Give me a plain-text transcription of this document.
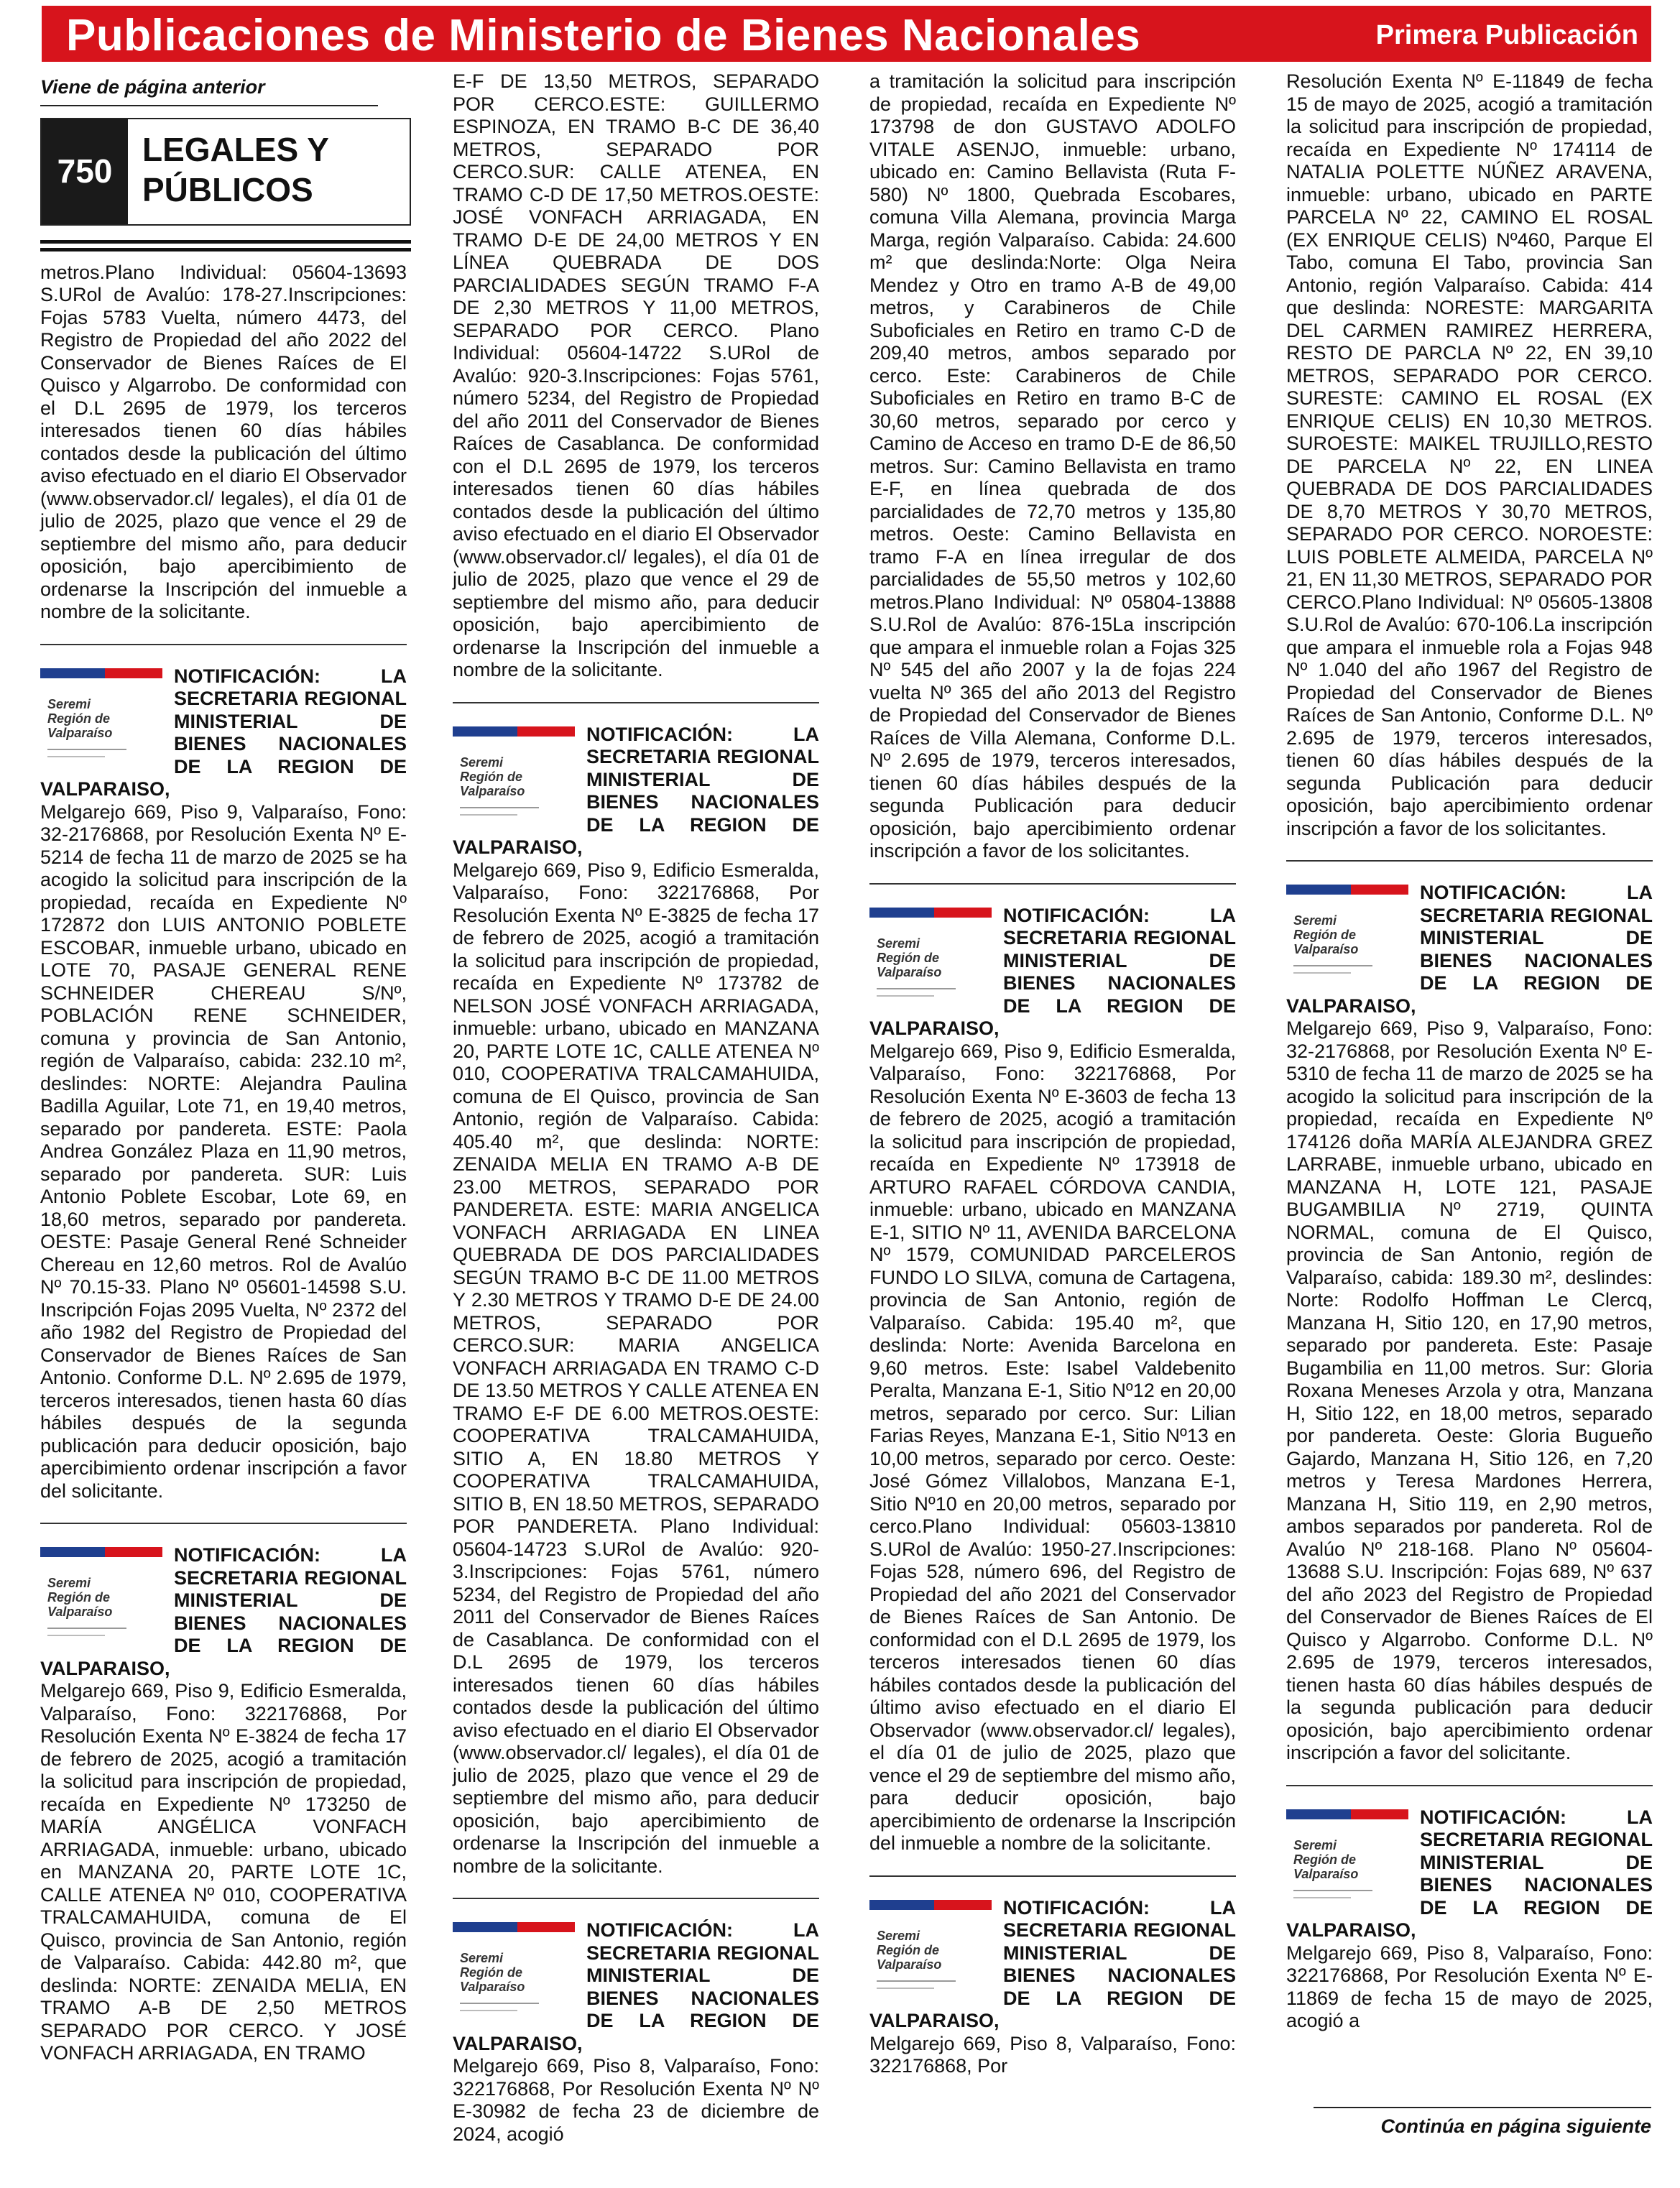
Publicaciones de Ministerio de Bienes Nacionales	Primera Publicación
Viene de página anterior
750
LEGALES Y PÚBLICOS

metros.Plano Individual: 05604-13693 S.URol de Avalúo: 178-27.Inscripciones: Fojas 5783 Vuelta, número 4473, del Registro de Propiedad del año 2022 del Conservador de Bienes Raíces de El Quisco y Algarrobo. De conformidad con el D.L 2695 de 1979, los terceros interesados tienen 60 días hábiles contados desde la publicación del último aviso efectuado en el diario El Observador (www.observador.cl/ legales), el día 01 de julio de 2025, plazo que vence el 29 de septiembre del mismo año, para deducir oposición, bajo apercibimiento de ordenarse la Inscripción del inmueble a nombre de la solicitante.

Seremi
Región de
Valparaíso
NOTIFICACIÓN: LA SECRETARIA REGIONAL MINISTERIAL DE BIENES NACIONALES DE LA REGION DE VALPARAISO,

Melgarejo 669, Piso 9, Valparaíso, Fono: 32-2176868, por Resolución Exenta Nº E-5214 de fecha 11 de marzo de 2025 se ha acogido la solicitud para inscripción de la propiedad, recaída en Expediente Nº 172872 don LUIS ANTONIO POBLETE ESCOBAR, inmueble urbano, ubicado en LOTE 70, PASAJE GENERAL RENE SCHNEIDER CHEREAU S/Nº, POBLACIÓN RENE SCHNEIDER, comuna y provincia de San Antonio, región de Valparaíso, cabida: 232.10 m², deslindes: NORTE: Alejandra Paulina Badilla Aguilar, Lote 71, en 19,40 metros, separado por pandereta. ESTE: Paola Andrea González Plaza en 11,90 metros, separado por pandereta. SUR: Luis Antonio Poblete Escobar, Lote 69, en 18,60 metros, separado por pandereta. OESTE: Pasaje General René Schneider Chereau en 12,60 metros. Rol de Avalúo Nº 70.15-33. Plano Nº 05601-14598 S.U. Inscripción Fojas 2095 Vuelta, Nº 2372 del año 1982 del Registro de Propiedad del Conservador de Bienes Raíces de San Antonio. Conforme D.L. Nº 2.695 de 1979, terceros interesados, tienen hasta 60 días hábiles después de la segunda publicación para deducir oposición, bajo apercibimiento ordenar inscripción a favor del solicitante.

Seremi
Región de
Valparaíso
NOTIFICACIÓN: LA SECRETARIA REGIONAL MINISTERIAL DE BIENES NACIONALES DE LA REGION DE VALPARAISO,

Melgarejo 669, Piso 9, Edificio Esmeralda, Valparaíso, Fono: 322176868, Por Resolución Exenta Nº E-3824 de fecha 17 de febrero de 2025, acogió a tramitación la solicitud para inscripción de propiedad, recaída en Expediente Nº 173250 de MARÍA ANGÉLICA VONFACH ARRIAGADA, inmueble: urbano, ubicado en MANZANA 20, PARTE LOTE 1C, CALLE ATENEA Nº 010, COOPERATIVA TRALCAMAHUIDA, comuna de El Quisco, provincia de San Antonio, región de Valparaíso. Cabida: 442.80 m², que deslinda: NORTE: ZENAIDA MELIA, EN TRAMO A-B DE 2,50 METROS SEPARADO POR CERCO. Y JOSÉ VONFACH ARRIAGADA, EN TRAMO

E-F DE 13,50 METROS, SEPARADO POR CERCO.ESTE: GUILLERMO ESPINOZA, EN TRAMO B-C DE 36,40 METROS, SEPARADO POR CERCO.SUR: CALLE ATENEA, EN TRAMO C-D DE 17,50 METROS.OESTE: JOSÉ VONFACH ARRIAGADA, EN TRAMO D-E DE 24,00 METROS Y EN LÍNEA QUEBRADA DE DOS PARCIALIDADES SEGÚN TRAMO F-A DE 2,30 METROS Y 11,00 METROS, SEPARADO POR CERCO. Plano Individual: 05604-14722 S.URol de Avalúo: 920-3.Inscripciones: Fojas 5761, número 5234, del Registro de Propiedad del año 2011 del Conservador de Bienes Raíces de Casablanca. De conformidad con el D.L 2695 de 1979, los terceros interesados tienen 60 días hábiles contados desde la publicación del último aviso efectuado en el diario El Observador (www.observador.cl/ legales), el día 01 de julio de 2025, plazo que vence el 29 de septiembre del mismo año, para deducir oposición, bajo apercibimiento de ordenarse la Inscripción del inmueble a nombre de la solicitante.

Seremi
Región de
Valparaíso
NOTIFICACIÓN: LA SECRETARIA REGIONAL MINISTERIAL DE BIENES NACIONALES DE LA REGION DE VALPARAISO,

Melgarejo 669, Piso 9, Edificio Esmeralda, Valparaíso, Fono: 322176868, Por Resolución Exenta Nº E-3825 de fecha 17 de febrero de 2025, acogió a tramitación la solicitud para inscripción de propiedad, recaída en Expediente Nº 173782 de NELSON JOSÉ VONFACH ARRIAGADA, inmueble: urbano, ubicado en MANZANA 20, PARTE LOTE 1C, CALLE ATENEA Nº 010, COOPERATIVA TRALCAMAHUIDA, comuna de El Quisco, provincia de San Antonio, región de Valparaíso. Cabida: 405.40 m², que deslinda: NORTE: ZENAIDA MELIA EN TRAMO A-B DE 23.00 METROS, SEPARADO POR PANDERETA. ESTE: MARIA ANGELICA VONFACH ARRIAGADA EN LINEA QUEBRADA DE DOS PARCIALIDADES SEGÚN TRAMO B-C DE 11.00 METROS Y 2.30 METROS Y TRAMO D-E DE 24.00 METROS, SEPARADO POR CERCO.SUR: MARIA ANGELICA VONFACH ARRIAGADA EN TRAMO C-D DE 13.50 METROS Y CALLE ATENEA EN TRAMO E-F DE 6.00 METROS.OESTE: COOPERATIVA TRALCAMAHUIDA, SITIO A, EN 18.80 METROS Y COOPERATIVA TRALCAMAHUIDA, SITIO B, EN 18.50 METROS, SEPARADO POR PANDERETA. Plano Individual: 05604-14723 S.URol de Avalúo: 920-3.Inscripciones: Fojas 5761, número 5234, del Registro de Propiedad del año 2011 del Conservador de Bienes Raíces de Casablanca. De conformidad con el D.L 2695 de 1979, los terceros interesados tienen 60 días hábiles contados desde la publicación del último aviso efectuado en el diario El Observador (www.observador.cl/ legales), el día 01 de julio de 2025, plazo que vence el 29 de septiembre del mismo año, para deducir oposición, bajo apercibimiento de ordenarse la Inscripción del inmueble a nombre de la solicitante.

Seremi
Región de
Valparaíso
NOTIFICACIÓN: LA SECRETARIA REGIONAL MINISTERIAL DE BIENES NACIONALES DE LA REGION DE VALPARAISO,

Melgarejo 669, Piso 8, Valparaíso, Fono: 322176868, Por Resolución Exenta Nº Nº E-30982 de fecha 23 de diciembre de 2024, acogió

a tramitación la solicitud para inscripción de propiedad, recaída en Expediente Nº 173798 de don GUSTAVO ADOLFO VITALE ASENJO, inmueble: urbano, ubicado en: Camino Bellavista (Ruta F-580) Nº 1800, Quebrada Escobares, comuna Villa Alemana, provincia Marga Marga, región Valparaíso. Cabida: 24.600 m² que deslinda:Norte: Olga Neira Mendez y Otro en tramo A-B de 49,00 metros, y Carabineros de Chile Suboficiales en Retiro en tramo C-D de 209,40 metros, ambos separado por cerco. Este: Carabineros de Chile Suboficiales en Retiro en tramo B-C de 30,60 metros, separado por cerco y Camino de Acceso en tramo D-E de 86,50 metros. Sur: Camino Bellavista en tramo E-F, en línea quebrada de dos parcialidades de 72,70 metros y 135,80 metros. Oeste: Camino Bellavista en tramo F-A en línea irregular de dos parcialidades de 55,50 metros y 102,60 metros.Plano Individual: Nº 05804-13888 S.U.Rol de Avalúo: 876-15La inscripción que ampara el inmueble rolan a Fojas 325 Nº 545 del año 2007 y la de fojas 224 vuelta Nº 365 del año 2013 del Registro de Propiedad del Conservador de Bienes Raíces de Villa Alemana, Conforme D.L. Nº 2.695 de 1979, terceros interesados, tienen 60 días hábiles después de la segunda Publicación para deducir oposición, bajo apercibimiento ordenar inscripción a favor de los solicitantes.

Seremi
Región de
Valparaíso
NOTIFICACIÓN: LA SECRETARIA REGIONAL MINISTERIAL DE BIENES NACIONALES DE LA REGION DE VALPARAISO,

Melgarejo 669, Piso 9, Edificio Esmeralda, Valparaíso, Fono: 322176868, Por Resolución Exenta Nº E-3603 de fecha 13 de febrero de 2025, acogió a tramitación la solicitud para inscripción de propiedad, recaída en Expediente Nº 173918 de ARTURO RAFAEL CÓRDOVA CANDIA, inmueble: urbano, ubicado en MANZANA E-1, SITIO Nº 11, AVENIDA BARCELONA Nº 1579, COMUNIDAD PARCELEROS FUNDO LO SILVA, comuna de Cartagena, provincia de San Antonio, región de Valparaíso. Cabida: 195.40 m², que deslinda: Norte: Avenida Barcelona en 9,60 metros. Este: Isabel Valdebenito Peralta, Manzana E-1, Sitio Nº12 en 20,00 metros, separado por cerco. Sur: Lilian Farias Reyes, Manzana E-1, Sitio Nº13 en 10,00 metros, separado por cerco. Oeste: José Gómez Villalobos, Manzana E-1, Sitio Nº10 en 20,00 metros, separado por cerco.Plano Individual: 05603-13810 S.URol de Avalúo: 1950-27.Inscripciones: Fojas 528, número 696, del Registro de Propiedad del año 2021 del Conservador de Bienes Raíces de San Antonio. De conformidad con el D.L 2695 de 1979, los terceros interesados tienen 60 días hábiles contados desde la publicación del último aviso efectuado en el diario El Observador (www.observador.cl/ legales), el día 01 de julio de 2025, plazo que vence el 29 de septiembre del mismo año, para deducir oposición, bajo apercibimiento de ordenarse la Inscripción del inmueble a nombre de la solicitante.

Seremi
Región de
Valparaíso
NOTIFICACIÓN: LA SECRETARIA REGIONAL MINISTERIAL DE BIENES NACIONALES DE LA REGION DE VALPARAISO,

Melgarejo 669, Piso 8, Valparaíso, Fono: 322176868, Por

Resolución Exenta Nº E-11849 de fecha 15 de mayo de 2025, acogió a tramitación la solicitud para inscripción de propiedad, recaída en Expediente Nº 174114 de NATALIA POLETTE NÚÑEZ ARAVENA, inmueble: urbano, ubicado en PARTE PARCELA Nº 22, CAMINO EL ROSAL (EX ENRIQUE CELIS) Nº460, Parque El Tabo, comuna El Tabo, provincia San Antonio, región Valparaíso. Cabida: 414 que deslinda: NORESTE: MARGARITA DEL CARMEN RAMIREZ HERRERA, RESTO DE PARCLA Nº 22, EN 39,10 METROS, SEPARADO POR CERCO. SURESTE: CAMINO EL ROSAL (EX ENRIQUE CELIS) EN 10,30 METROS. SUROESTE: MAIKEL TRUJILLO,RESTO DE PARCELA Nº 22, EN LINEA QUEBRADA DE DOS PARCIALIDADES DE 8,70 METROS Y 30,70 METROS, SEPARADO POR CERCO. NOROESTE: LUIS POBLETE ALMEIDA, PARCELA Nº 21, EN 11,30 METROS, SEPARADO POR CERCO.Plano Individual: Nº 05605-13808 S.U.Rol de Avalúo: 670-106.La inscripción que ampara el inmueble rola a Fojas 948 Nº 1.040 del año 1967 del Registro de Propiedad del Conservador de Bienes Raíces de San Antonio, Conforme D.L. Nº 2.695 de 1979, terceros interesados, tienen 60 días hábiles después de la segunda Publicación para deducir oposición, bajo apercibimiento ordenar inscripción a favor de los solicitantes.

Seremi
Región de
Valparaíso
NOTIFICACIÓN: LA SECRETARIA REGIONAL MINISTERIAL DE BIENES NACIONALES DE LA REGION DE VALPARAISO,

Melgarejo 669, Piso 9, Valparaíso, Fono: 32-2176868, por Resolución Exenta Nº E-5310 de fecha 11 de marzo de 2025 se ha acogido la solicitud para inscripción de la propiedad, recaída en Expediente Nº 174126 doña MARÍA ALEJANDRA GREZ LARRABE, inmueble urbano, ubicado en MANZANA H, LOTE 121, PASAJE BUGAMBILIA Nº 2719, QUINTA NORMAL, comuna de El Quisco, provincia de San Antonio, región de Valparaíso, cabida: 189.30 m², deslindes: Norte: Rodolfo Hoffman Le Clercq, Manzana H, Sitio 120, en 17,90 metros, separado por pandereta. Este: Pasaje Bugambilia en 11,00 metros. Sur: Gloria Roxana Meneses Arzola y otra, Manzana H, Sitio 122, en 18,00 metros, separado por pandereta. Oeste: Gloria Bugueño Gajardo, Manzana H, Sitio 126, en 7,20 metros y Teresa Mardones Herrera, Manzana H, Sitio 119, en 2,90 metros, ambos separados por pandereta. Rol de Avalúo Nº 218-168. Plano Nº 05604-13688 S.U. Inscripción: Fojas 689, Nº 637 del año 2023 del Registro de Propiedad del Conservador de Bienes Raíces de El Quisco y Algarrobo. Conforme D.L. Nº 2.695 de 1979, terceros interesados, tienen hasta 60 días hábiles después de la segunda publicación para deducir oposición, bajo apercibimiento ordenar inscripción a favor del solicitante.

Seremi
Región de
Valparaíso
NOTIFICACIÓN: LA SECRETARIA REGIONAL MINISTERIAL DE BIENES NACIONALES DE LA REGION DE VALPARAISO,

Melgarejo 669, Piso 8, Valparaíso, Fono: 322176868, Por Resolución Exenta Nº E-11869 de fecha 15 de mayo de 2025, acogió a

Continúa en página siguiente
